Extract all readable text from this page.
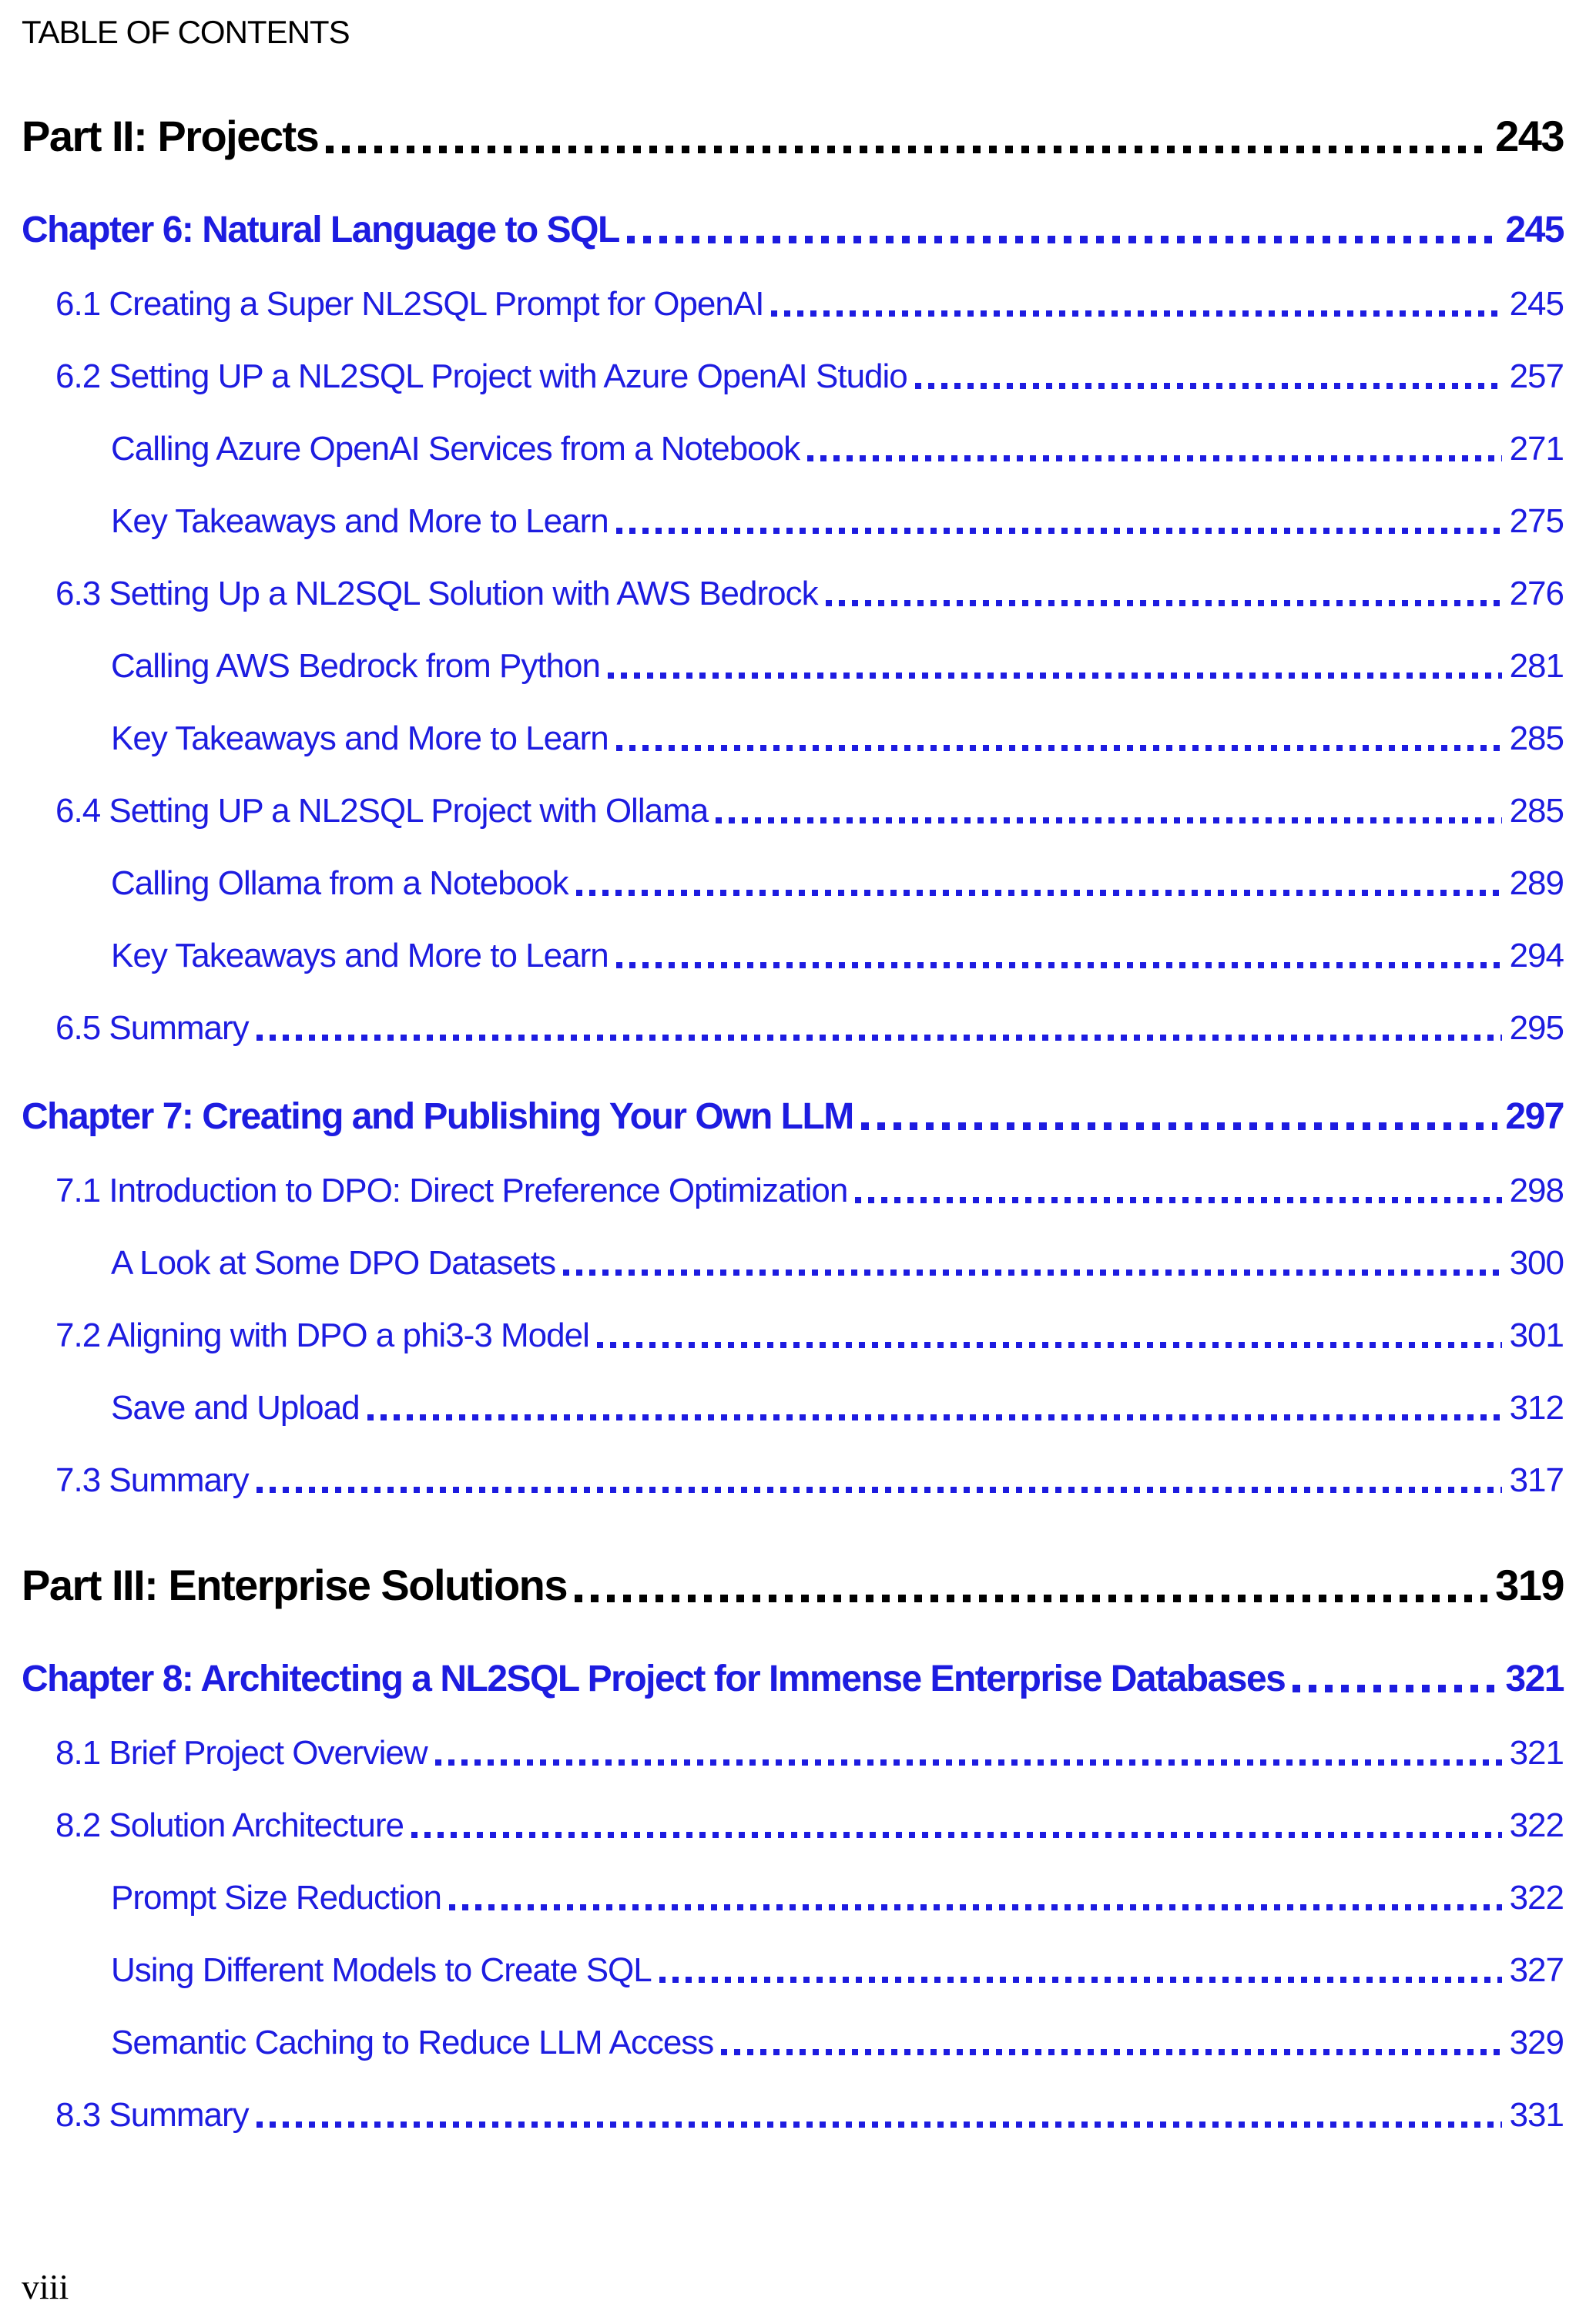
TABLE OF CONTENTS
Part II: Projects	243
Chapter 6: Natural Language to SQL	245
6.1 Creating a Super NL2SQL Prompt for OpenAI	245
6.2 Setting UP a NL2SQL Project with Azure OpenAI Studio	257
Calling Azure OpenAI Services from a Notebook	271
Key Takeaways and More to Learn	275
6.3 Setting Up a NL2SQL Solution with AWS Bedrock	276
Calling AWS Bedrock from Python	281
Key Takeaways and More to Learn	285
6.4 Setting UP a NL2SQL Project with Ollama	285
Calling Ollama from a Notebook	289
Key Takeaways and More to Learn	294
6.5 Summary	295
Chapter 7: Creating and Publishing Your Own LLM	297
7.1 Introduction to DPO: Direct Preference Optimization	298
A Look at Some DPO Datasets	300
7.2 Aligning with DPO a phi3-3 Model	301
Save and Upload	312
7.3 Summary	317
Part III: Enterprise Solutions	319
Chapter 8: Architecting a NL2SQL Project for Immense Enterprise Databases	321
8.1 Brief Project Overview	321
8.2 Solution Architecture	322
Prompt Size Reduction	322
Using Different Models to Create SQL	327
Semantic Caching to Reduce LLM Access	329
8.3 Summary	331
viii
